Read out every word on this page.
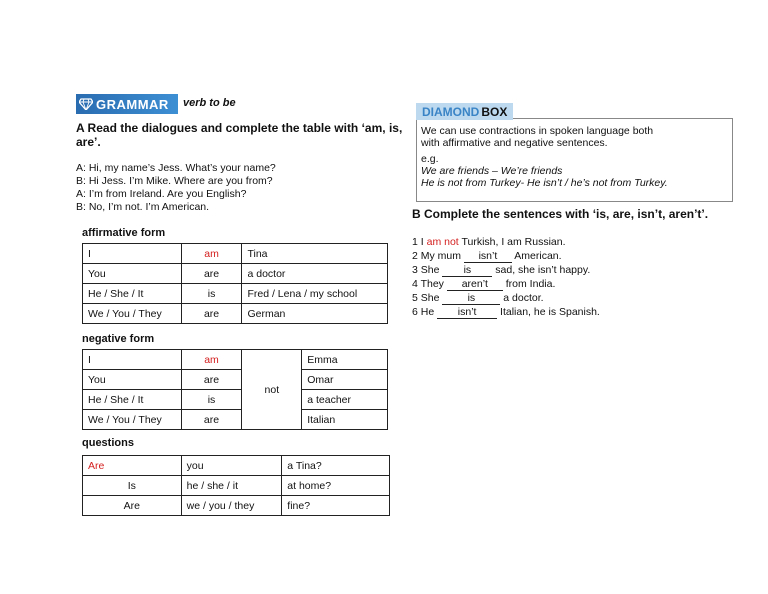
GRAMMAR verb to be
A Read the dialogues and complete the table with ‘am, is, are’.
A: Hi, my name’s Jess. What’s your name?
B: Hi Jess. I’m Mike. Where are you from?
A: I’m from Ireland. Are you English?
B: No, I’m not. I’m American.
affirmative form
I	am	Tina
You	are	a doctor
He / She / It	is	Fred / Lena / my school
We / You / They	are	German
negative form
I	am	not	Emma
You	are		Omar
He / She / It	is		a teacher
We / You / They	are		Italian
questions
Are	you	a Tina?
Is	he / she / it	at home?
Are	we / you / they	fine?
DIAMOND BOX
We can use contractions in spoken language both
with affirmative and negative sentences.
e.g.
We are friends – We’re friends
He is not from Turkey- He isn’t / he’s not from Turkey.
B Complete the sentences with ‘is, are, isn’t, aren’t’.
1 I am not Turkish, I am Russian.
2 My mum isn’t American.
3 She is sad, she isn’t happy.
4 They aren’t from India.
5 She	is	a doctor.
6 He isn’t Italian, he is Spanish.
